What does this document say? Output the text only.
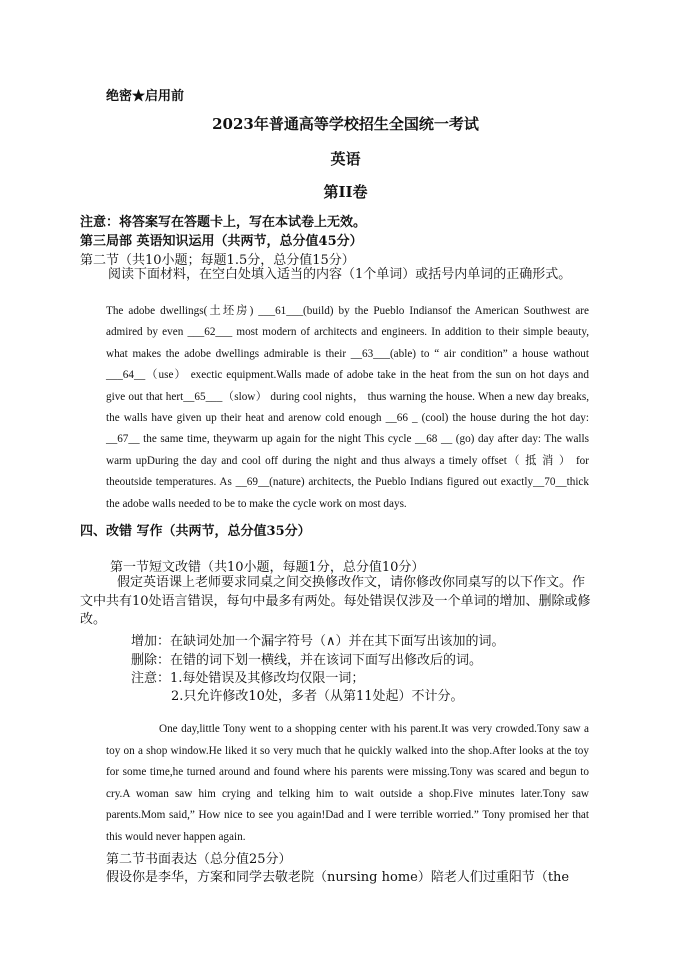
绝密★启用前
2023年普通高等学校招生全国统一考试
英语
第II卷
注意：将答案写在答题卡上，写在本试卷上无效。
第三局部 英语知识运用（共两节，总分值45分）
第二节（共10小题；每题1.5分，总分值15分）
阅读下面材料，在空白处填入适当的内容（1个单词）或括号内单词的正确形式。
The adobe dwellings(土坯房) ___61___(build) by the Pueblo Indiansof the American Southwest are admired by even ___62___ most modern of architects and engineers. In addition to their simple beauty, what makes the adobe dwellings admirable is their __63___(able) to “ air condition” a house wathout ___64__（use） exectic equipment.Walls made of adobe take in the heat from the sun on hot days and give out that hert__65___（slow） during cool nights， thus warning the house. When a new day breaks, the walls have given up their heat and arenow cold enough __66 _ (cool) the house during the hot day: __67__ the same time, theywarm up again for the night This cycle __68 __ (go) day after day: The walls warm upDuring the day and cool off during the night and thus always a timely offset（ 抵 消 ） for theoutside temperatures. As __69__(nature) architects, the Pueblo Indians figured out exactly__70__thick the adobe walls needed to be to make the cycle work on most days.
四、改错 写作（共两节，总分值35分）
第一节短文改错（共10小题，每题1分，总分值10分）
假定英语课上老师要求同桌之间交换修改作文，请你修改你同桌写的以下作文。作文中共有10处语言错误，每句中最多有两处。每处错误仅涉及一个单词的增加、删除或修改。
增加：在缺词处加一个漏字符号（∧）并在其下面写出该加的词。
删除：在错的词下划一横线，并在该词下面写出修改后的词。
注意：1.每处错误及其修改均仅限一词；
2.只允许修改10处，多者（从第11处起）不计分。
One day,little Tony went to a shopping center with his parent.It was very crowded.Tony saw a toy on a shop window.He liked it so very much that he quickly walked into the shop.After looks at the toy for some time,he turned around and found where his parents were missing.Tony was scared and begun to cry.A woman saw him crying and telking him to wait outside a shop.Five minutes later.Tony saw parents.Mom said,” How nice to see you again!Dad and I were terrible worried.” Tony promised her that this would never happen again.
第二节书面表达（总分值25分）
假设你是李华，方案和同学去敬老院（nursing home）陪老人们过重阳节（the
